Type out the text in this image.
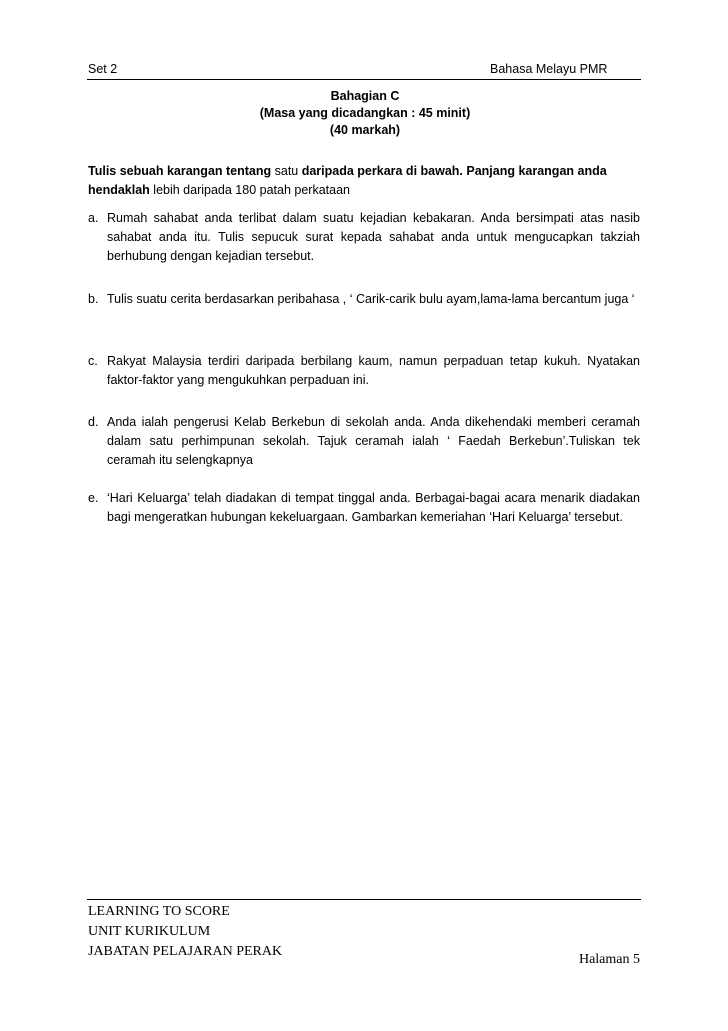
Set 2	Bahasa Melayu PMR
Bahagian C
(Masa yang dicadangkan : 45 minit)
(40 markah)
Tulis sebuah karangan tentang satu daripada perkara di bawah. Panjang karangan anda hendaklah lebih daripada 180 patah perkataan
a. Rumah sahabat anda terlibat dalam suatu kejadian kebakaran. Anda bersimpati atas nasib sahabat anda itu. Tulis sepucuk surat kepada sahabat anda untuk mengucapkan takziah berhubung dengan kejadian tersebut.
b. Tulis suatu cerita berdasarkan peribahasa , ‘ Carik-carik bulu ayam,lama-lama bercantum juga ‘
c. Rakyat Malaysia terdiri daripada berbilang kaum, namun perpaduan tetap kukuh. Nyatakan faktor-faktor yang mengukuhkan perpaduan ini.
d. Anda ialah pengerusi Kelab Berkebun di sekolah anda. Anda dikehendaki memberi ceramah dalam satu perhimpunan sekolah. Tajuk ceramah ialah ‘ Faedah Berkebun’.Tuliskan tek ceramah itu selengkapnya
e. ‘Hari Keluarga’ telah diadakan di tempat tinggal anda. Berbagai-bagai acara menarik diadakan bagi mengeratkan hubungan kekeluargaan. Gambarkan kemeriahan ‘Hari Keluarga’ tersebut.
LEARNING TO SCORE
UNIT KURIKULUM
JABATAN PELAJARAN PERAK
Halaman 5
